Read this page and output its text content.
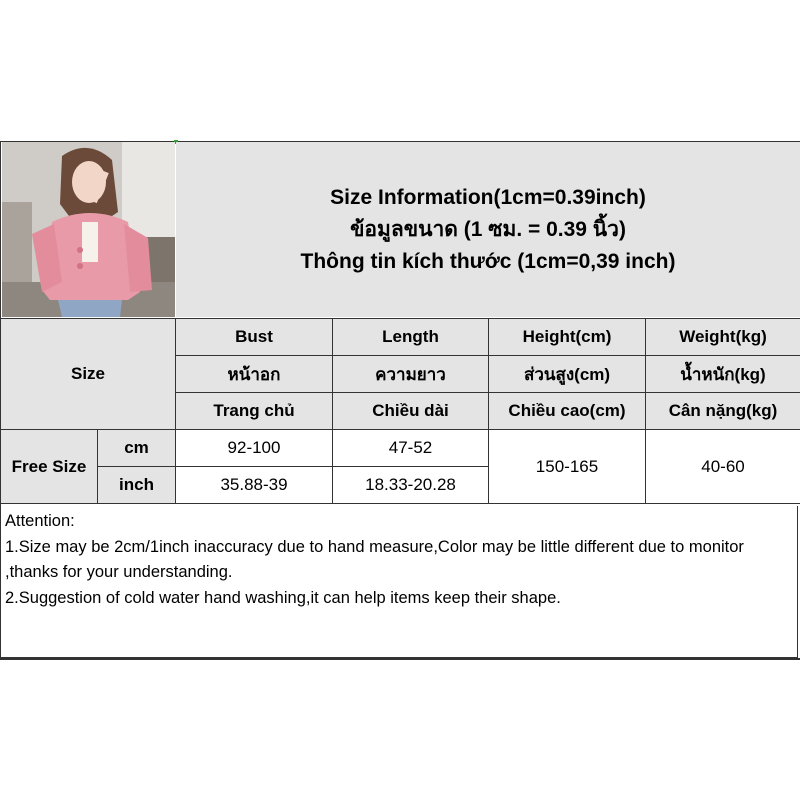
Size Information(1cm=0.39inch)
ข้อมูลขนาด (1 ซม. = 0.39 นิ้ว)
Thông tin kích thước (1cm=0,39 inch)
Size		Bust	Length	Height(cm)	Weight(kg)
		หน้าอก	ความยาว	ส่วนสูง(cm)	น้ำหนัก(kg)
		Trang chủ	Chiều dài	Chiều cao(cm)	Cân nặng(kg)
Free Size	cm	92-100	47-52	150-165	40-60
	inch	35.88-39	18.33-20.28		

Attention:

1.Size may be 2cm/1inch inaccuracy due to hand measure,Color may be little different due to monitor ,thanks for your understanding.

2.Suggestion of cold water hand washing,it can help items keep their shape.
